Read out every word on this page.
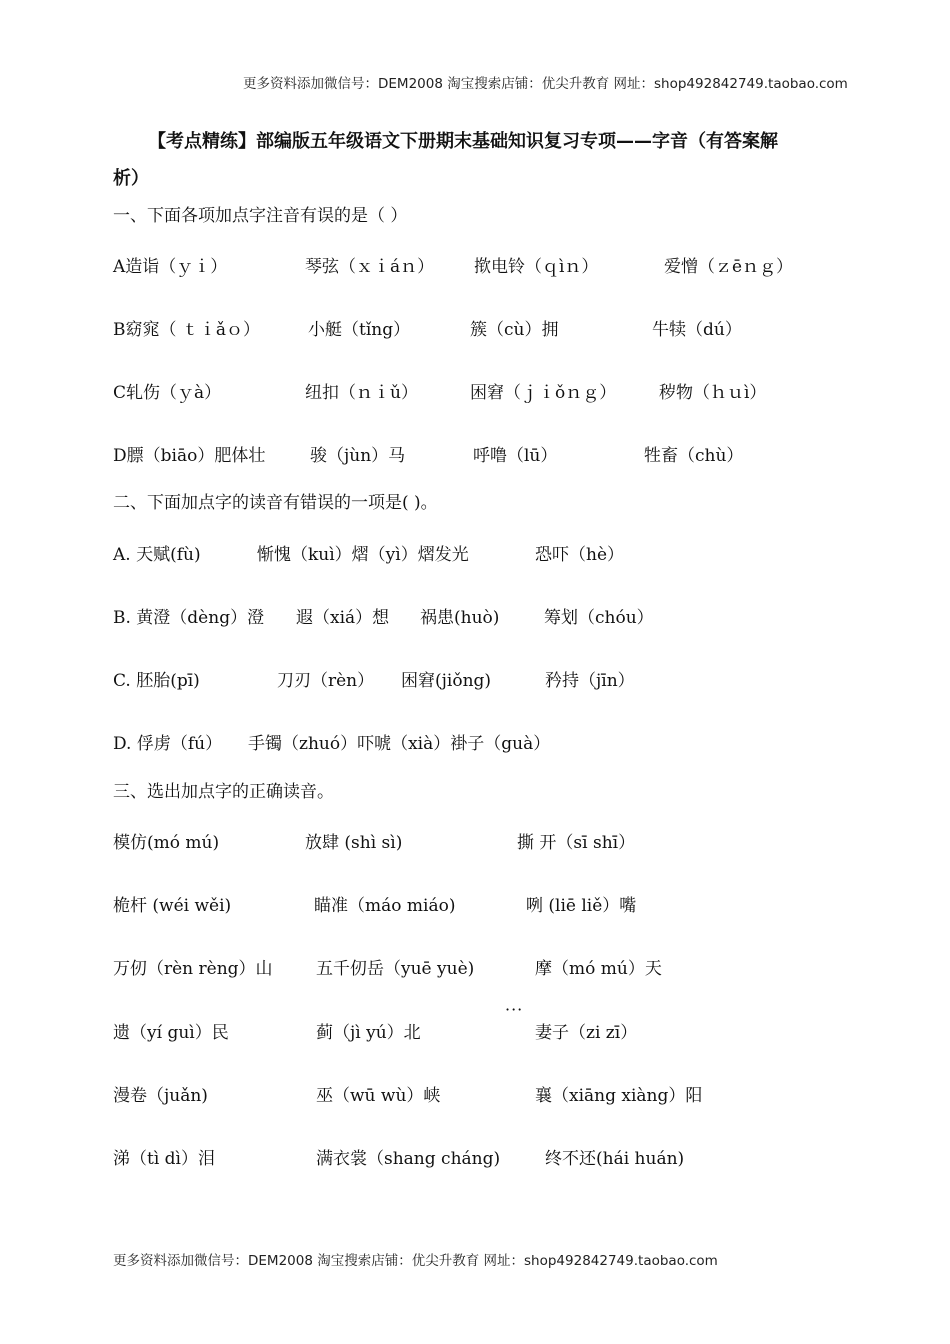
更多资料添加微信号：DEM2008 淘宝搜索店铺：优尖升教育 网址：shop492842749.taobao.com
【考点精练】部编版五年级语文下册期末基础知识复习专项——字音（有答案解
析）
一、下面各项加点字注音有误的是（ ）
A造诣（ｙｉ）	琴弦（ｘｉáｎ） 揿电铃（ｑìｎ）	爱憎（ｚēｎｇ）
B窈窕（ ｔｉǎｏ）	小艇（tǐng）	簇（cù）拥	牛犊（dú）
C轧伤（ｙà）	纽扣（ｎｉǔ）	困窘（ｊｉǒｎｇ）	秽物（ｈｕì）
D膘（biāo）肥体壮	骏（jùn）马	呼噜（lū）	牲畜（chù）
二、下面加点字的读音有错误的一项是( )。
A. 天赋(fù)	惭愧（kuì）熠（yì）熠发光	恐吓（hè）
B. 黄澄（dèng）澄 遐（xiá）想 祸患(huò)	筹划（chóu）
C. 胚胎(pī)	刀刃（rèn） 困窘(jiǒng)	矜持（jīn）
D. 俘虏（fú） 手镯（zhuó）吓唬（xià）褂子（guà）
三、选出加点字的正确读音。
模仿(mó mú)	放肆 (shì sì)	撕 开（sī shī）
桅杆 (wéi wěi)	瞄准（máo miáo)	咧 (liē liě）嘴
万仞（rèn rèng）山	五千仞岳（yuē yuè)	摩（mó mú）天
···
遗（yí guì）民	蓟（jì yú）北	妻子（zi zī）
漫卷（juǎn)	巫（wū wù）峡	襄（xiāng xiàng）阳
涕（tì dì）泪	满衣裳（shang cháng)	终不还(hái huán)
更多资料添加微信号：DEM2008 淘宝搜索店铺：优尖升教育 网址：shop492842749.taobao.com
